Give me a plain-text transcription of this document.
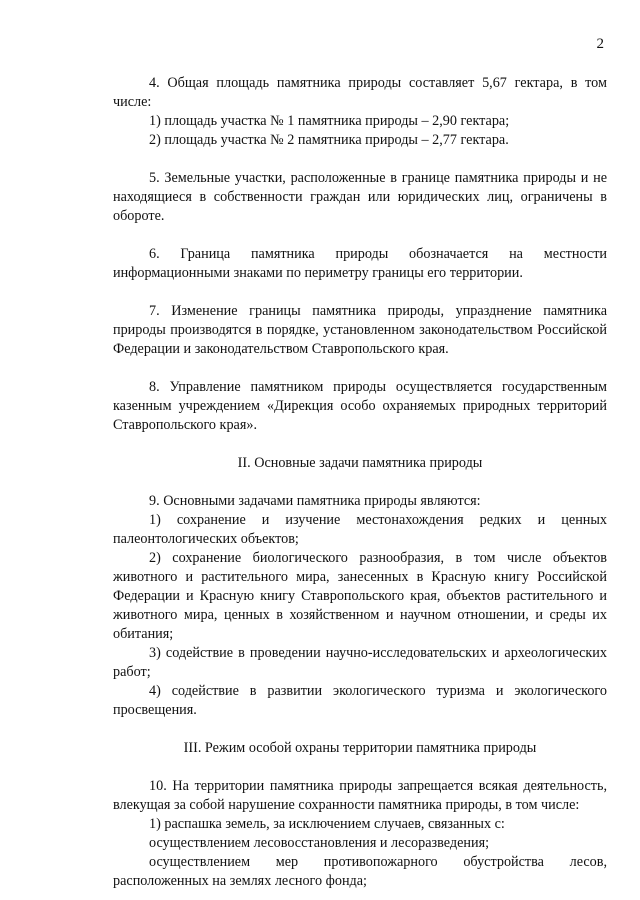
2

4. Общая площадь памятника природы составляет 5,67 гектара, в том числе:

1) площадь участка № 1 памятника природы – 2,90 гектара;

2) площадь участка № 2 памятника природы – 2,77 гектара.

5. Земельные участки, расположенные в границе памятника природы и не находящиеся в собственности граждан или юридических лиц, ограничены в обороте.

6. Граница памятника природы обозначается на местности информационными знаками по периметру границы его территории.

7. Изменение границы памятника природы, упразднение памятника природы производятся в порядке, установленном законодательством Российской Федерации и законодательством Ставропольского края.

8. Управление памятником природы осуществляется государственным казенным учреждением «Дирекция особо охраняемых природных территорий Ставропольского края».

II. Основные задачи памятника природы

9. Основными задачами памятника природы являются:

1) сохранение и изучение местонахождения редких и ценных палеонтологических объектов;

2) сохранение биологического разнообразия, в том числе объектов животного и растительного мира, занесенных в Красную книгу Российской Федерации и Красную книгу Ставропольского края, объектов растительного и животного мира, ценных в хозяйственном и научном отношении, и среды их обитания;

3) содействие в проведении научно-исследовательских и археологических работ;

4) содействие в развитии экологического туризма и экологического просвещения.

III. Режим особой охраны территории памятника природы

10. На территории памятника природы запрещается всякая деятельность, влекущая за собой нарушение сохранности памятника природы, в том числе:

1) распашка земель, за исключением случаев, связанных с:

осуществлением лесовосстановления и лесоразведения;

осуществлением мер противопожарного обустройства лесов, расположенных на землях лесного фонда;
